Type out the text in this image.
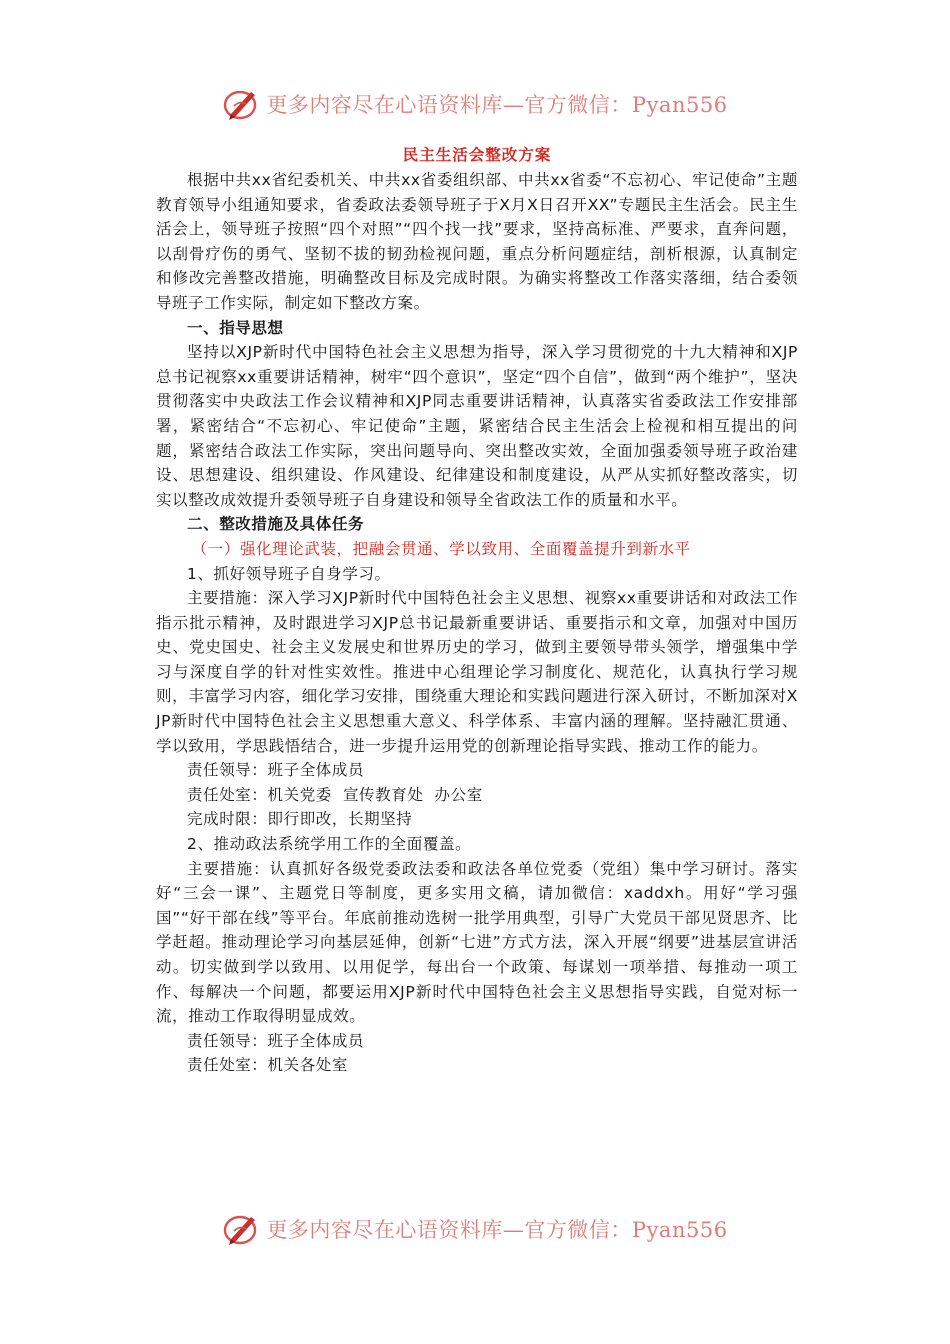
更多内容尽在心语资料库—官方微信：Pyan556

民主生活会整改方案

根据中共xx省纪委机关、中共xx省委组织部、中共xx省委“不忘初心、牢记使命”主题教育领导小组通知要求，省委政法委领导班子于X月X日召开XX”专题民主生活会。民主生活会上，领导班子按照“四个对照”“四个找一找”要求，坚持高标准、严要求，直奔问题，以刮骨疗伤的勇气、坚韧不拔的韧劲检视问题，重点分析问题症结，剖析根源，认真制定和修改完善整改措施，明确整改目标及完成时限。为确实将整改工作落实落细，结合委领导班子工作实际，制定如下整改方案。

一、指导思想

坚持以XJP新时代中国特色社会主义思想为指导，深入学习贯彻党的十九大精神和XJP总书记视察xx重要讲话精神，树牢“四个意识”，坚定“四个自信”，做到“两个维护”，坚决贯彻落实中央政法工作会议精神和XJP同志重要讲话精神，认真落实省委政法工作安排部署，紧密结合“不忘初心、牢记使命”主题，紧密结合民主生活会上检视和相互提出的问题，紧密结合政法工作实际，突出问题导向、突出整改实效，全面加强委领导班子政治建设、思想建设、组织建设、作风建设、纪律建设和制度建设，从严从实抓好整改落实，切实以整改成效提升委领导班子自身建设和领导全省政法工作的质量和水平。

二、整改措施及具体任务

（一）强化理论武装，把融会贯通、学以致用、全面覆盖提升到新水平

1、抓好领导班子自身学习。

主要措施：深入学习XJP新时代中国特色社会主义思想、视察xx重要讲话和对政法工作指示批示精神，及时跟进学习XJP总书记最新重要讲话、重要指示和文章，加强对中国历史、党史国史、社会主义发展史和世界历史的学习，做到主要领导带头领学，增强集中学习与深度自学的针对性实效性。推进中心组理论学习制度化、规范化，认真执行学习规则，丰富学习内容，细化学习安排，围绕重大理论和实践问题进行深入研讨，不断加深对XJP新时代中国特色社会主义思想重大意义、科学体系、丰富内涵的理解。坚持融汇贯通、学以致用，学思践悟结合，进一步提升运用党的创新理论指导实践、推动工作的能力。

责任领导：班子全体成员

责任处室：机关党委  宣传教育处  办公室

完成时限：即行即改，长期坚持

2、推动政法系统学用工作的全面覆盖。

主要措施：认真抓好各级党委政法委和政法各单位党委（党组）集中学习研讨。落实好“三会一课”、主题党日等制度，更多实用文稿，请加微信：xaddxh。用好“学习强国”“好干部在线”等平台。年底前推动选树一批学用典型，引导广大党员干部见贤思齐、比学赶超。推动理论学习向基层延伸，创新“七进”方式方法，深入开展“纲要”进基层宣讲活动。切实做到学以致用、以用促学，每出台一个政策、每谋划一项举措、每推动一项工作、每解决一个问题，都要运用XJP新时代中国特色社会主义思想指导实践，自觉对标一流，推动工作取得明显成效。

责任领导：班子全体成员

责任处室：机关各处室

更多内容尽在心语资料库—官方微信：Pyan556
